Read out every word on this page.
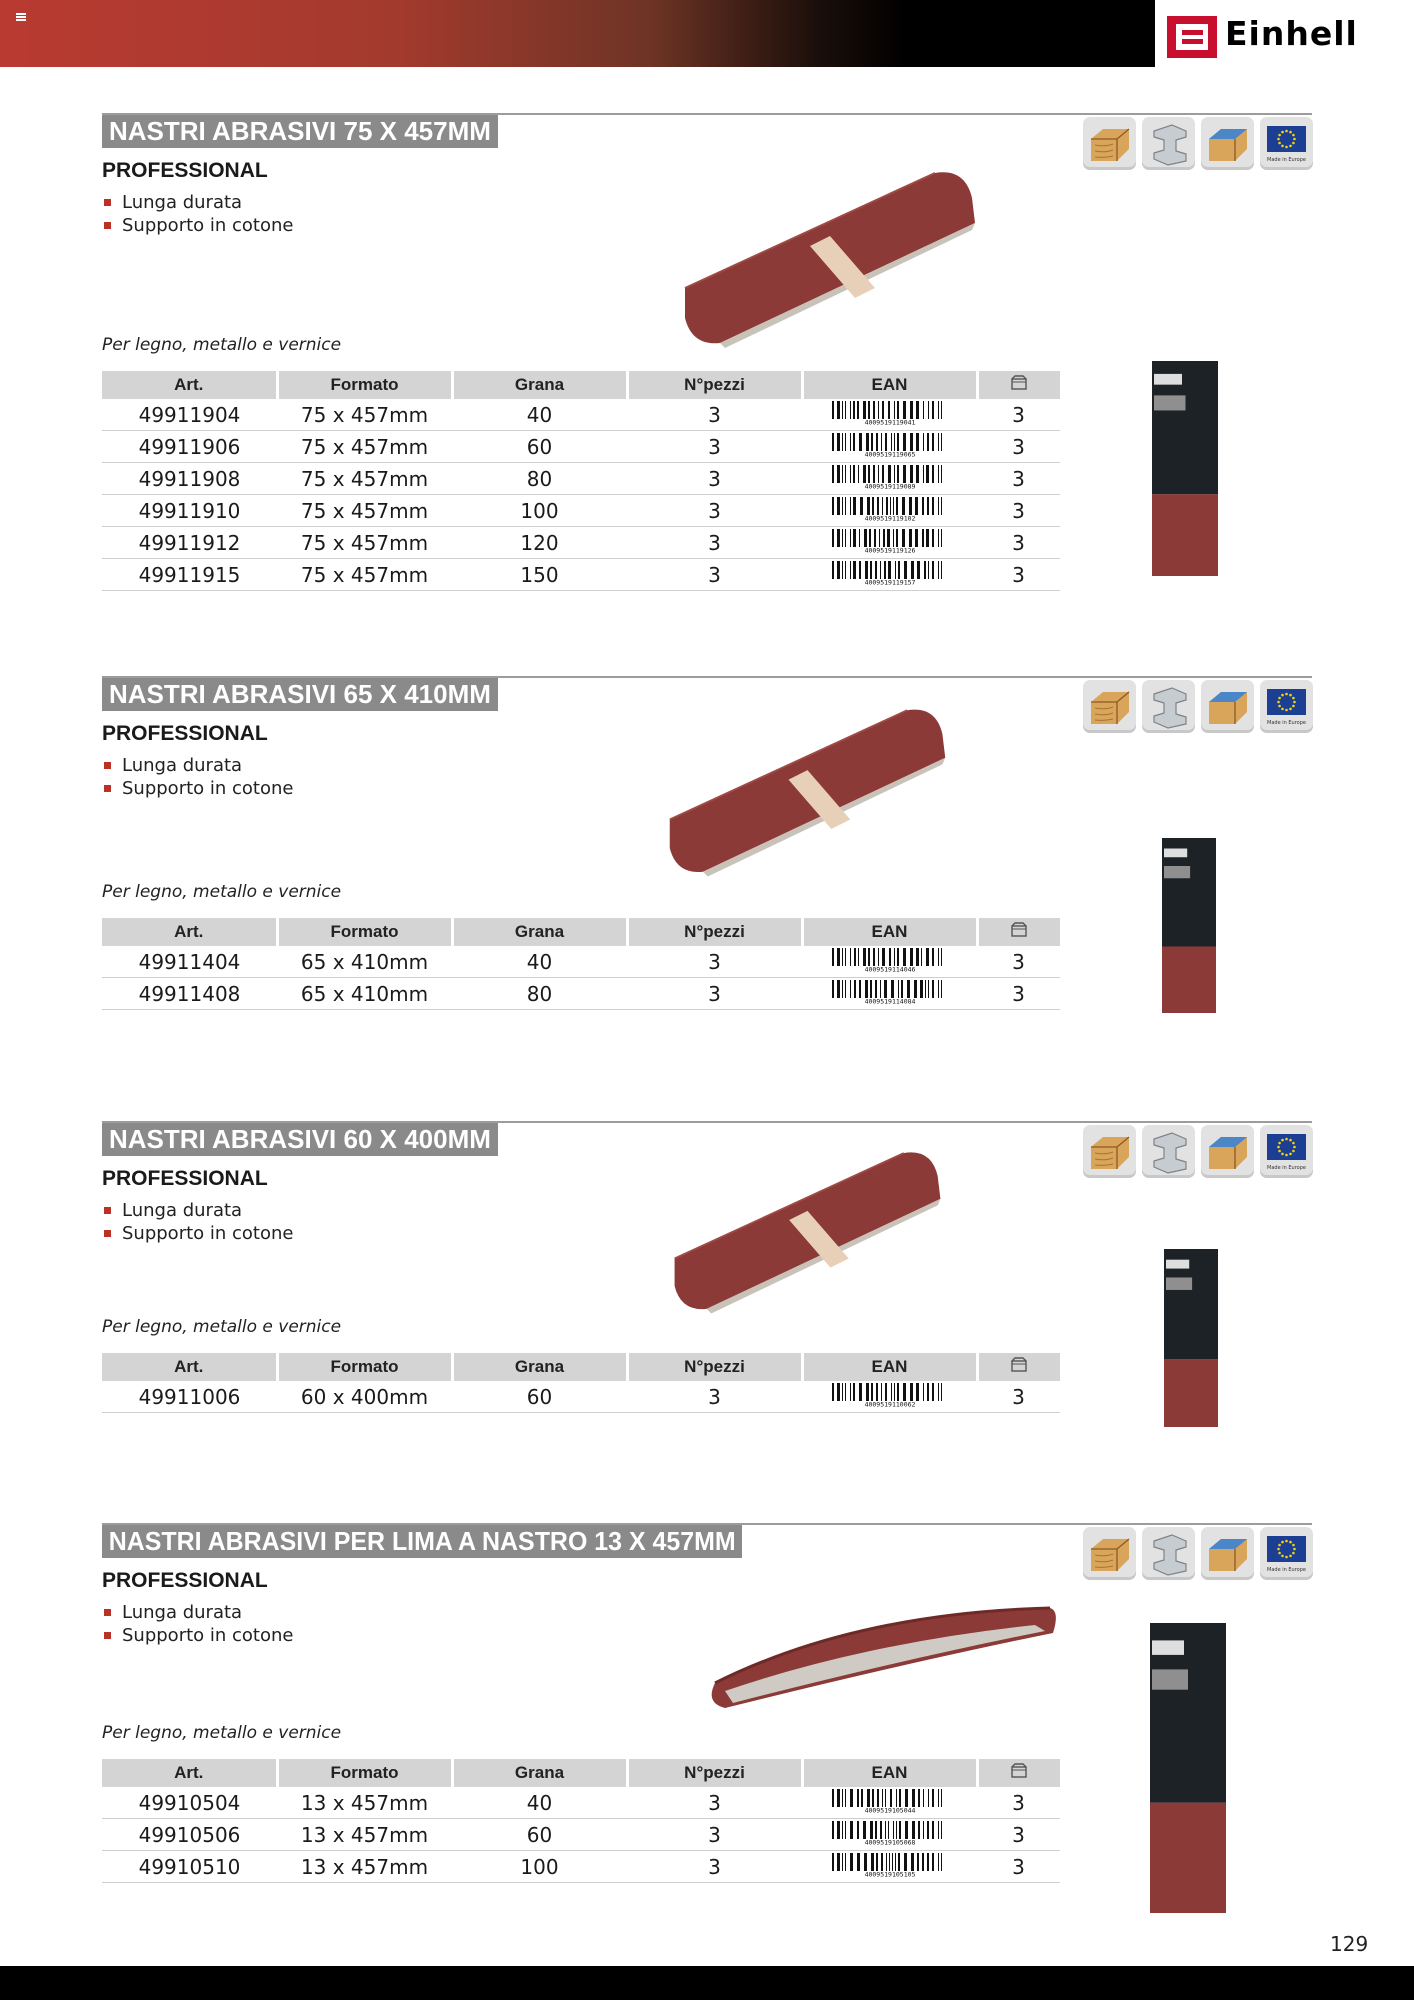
Einhell
NASTRI ABRASIVI 75 X 457MM
PROFESSIONAL
Lunga durata
Supporto in cotone
Per legno, metallo e vernice
Made in Europe
Art.	Formato	Grana	N°pezzi	EAN	
49911904	75 x 457mm	40	3	4009519119041	3
49911906	75 x 457mm	60	3	4009519119065	3
49911908	75 x 457mm	80	3	4009519119089	3
49911910	75 x 457mm	100	3	4009519119102	3
49911912	75 x 457mm	120	3	4009519119126	3
49911915	75 x 457mm	150	3	4009519119157	3
NASTRI ABRASIVI 65 X 410MM
PROFESSIONAL
Lunga durata
Supporto in cotone
Per legno, metallo e vernice
Made in Europe
Art.	Formato	Grana	N°pezzi	EAN	
49911404	65 x 410mm	40	3	4009519114046	3
49911408	65 x 410mm	80	3	4009519114084	3
NASTRI ABRASIVI 60 X 400MM
PROFESSIONAL
Lunga durata
Supporto in cotone
Per legno, metallo e vernice
Made in Europe
Art.	Formato	Grana	N°pezzi	EAN	
49911006	60 x 400mm	60	3	4009519110062	3
NASTRI ABRASIVI PER LIMA A NASTRO 13 X 457MM
PROFESSIONAL
Lunga durata
Supporto in cotone
Per legno, metallo e vernice
Made in Europe
Art.	Formato	Grana	N°pezzi	EAN	
49910504	13 x 457mm	40	3	4009519105044	3
49910506	13 x 457mm	60	3	4009519105068	3
49910510	13 x 457mm	100	3	4009519105105	3
129
